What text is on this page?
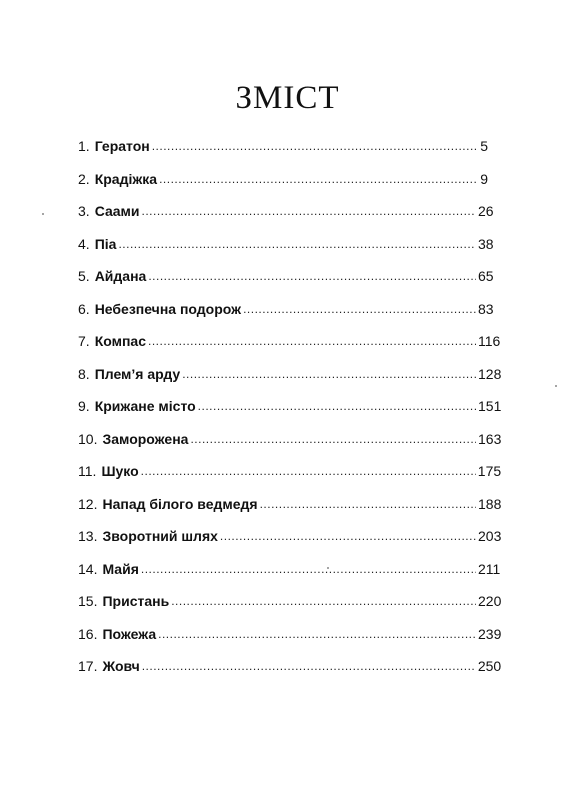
ЗМІСТ
1. Гератон .....	5
2. Крадіжка .....	9
3. Саами .....	26
4. Піа .....	38
5. Айдана .....	65
6. Небезпечна подорож .....	83
7. Компас .....	116
8. Плем’я арду .....	128
9. Крижане місто .....	151
10. Заморожена .....	163
11. Шуко .....	175
12. Напад білого ведмедя .....	188
13. Зворотний шлях .....	203
14. Майя .....	211
15. Пристань .....	220
16. Пожежа .....	239
17. Жовч .....	250
